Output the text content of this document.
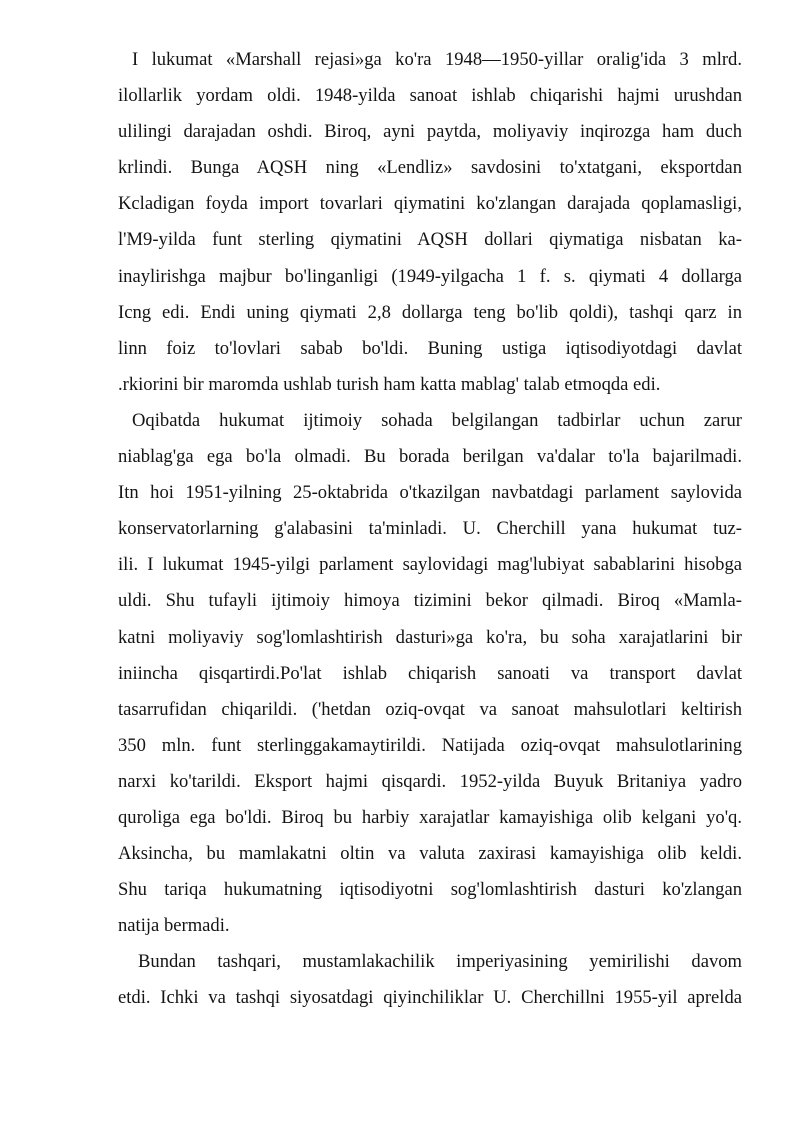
I lukumat «Marshall rejasi»ga ko'ra 1948—1950-yillar oralig'ida 3 mlrd.
ilollarlik yordam oldi. 1948-yilda sanoat ishlab chiqarishi hajmi urushdan
ulilingi darajadan oshdi. Biroq, ayni paytda, moliyaviy inqirozga ham duch
krlindi. Bunga AQSH ning «Lendliz» savdosini to'xtatgani, eksportdan
Kcladigan foyda import tovarlari qiymatini ko'zlangan darajada qoplamasligi,
l'M9-yilda funt sterling qiymatini AQSH dollari qiymatiga nisbatan ka-
inaylirishga majbur bo'linganligi (1949-yilgacha 1 f. s. qiymati 4 dollarga
Icng edi. Endi uning qiymati 2,8 dollarga teng bo'lib qoldi), tashqi qarz in
linn foiz to'lovlari sabab bo'ldi. Buning ustiga iqtisodiyotdagi davlat
.rkiorini bir maromda ushlab turish ham katta mablag' talab etmoqda edi.
Oqibatda hukumat ijtimoiy sohada belgilangan tadbirlar uchun zarur
niablag'ga ega bo'la olmadi. Bu borada berilgan va'dalar to'la bajarilmadi.
Itn hoi 1951-yilning 25-oktabrida o'tkazilgan navbatdagi parlament saylovida
konservatorlarning g'alabasini ta'minladi. U. Cherchill yana hukumat tuz-
ili. I lukumat 1945-yilgi parlament saylovidagi mag'lubiyat sabablarini hisobga
uldi. Shu tufayli ijtimoiy himoya tizimini bekor qilmadi. Biroq «Mamla-
katni moliyaviy sog'lomlashtirish dasturi»ga ko'ra, bu soha xarajatlarini bir
iniincha qisqartirdi.Po'lat ishlab chiqarish sanoati va transport davlat
tasarrufidan chiqarildi. ('hetdan oziq-ovqat va sanoat mahsulotlari keltirish
350 mln. funt sterlinggakamaytirildi. Natijada oziq-ovqat mahsulotlarining
narxi ko'tarildi. Eksport hajmi qisqardi. 1952-yilda Buyuk Britaniya yadro
quroliga ega bo'ldi. Biroq bu harbiy xarajatlar kamayishiga olib kelgani yo'q.
Aksincha, bu mamlakatni oltin va valuta zaxirasi kamayishiga olib keldi.
Shu tariqa hukumatning iqtisodiyotni sog'lomlashtirish dasturi ko'zlangan
natija bermadi.
Bundan tashqari, mustamlakachilik imperiyasining yemirilishi davom
etdi. Ichki va tashqi siyosatdagi qiyinchiliklar U. Cherchillni 1955-yil aprelda
